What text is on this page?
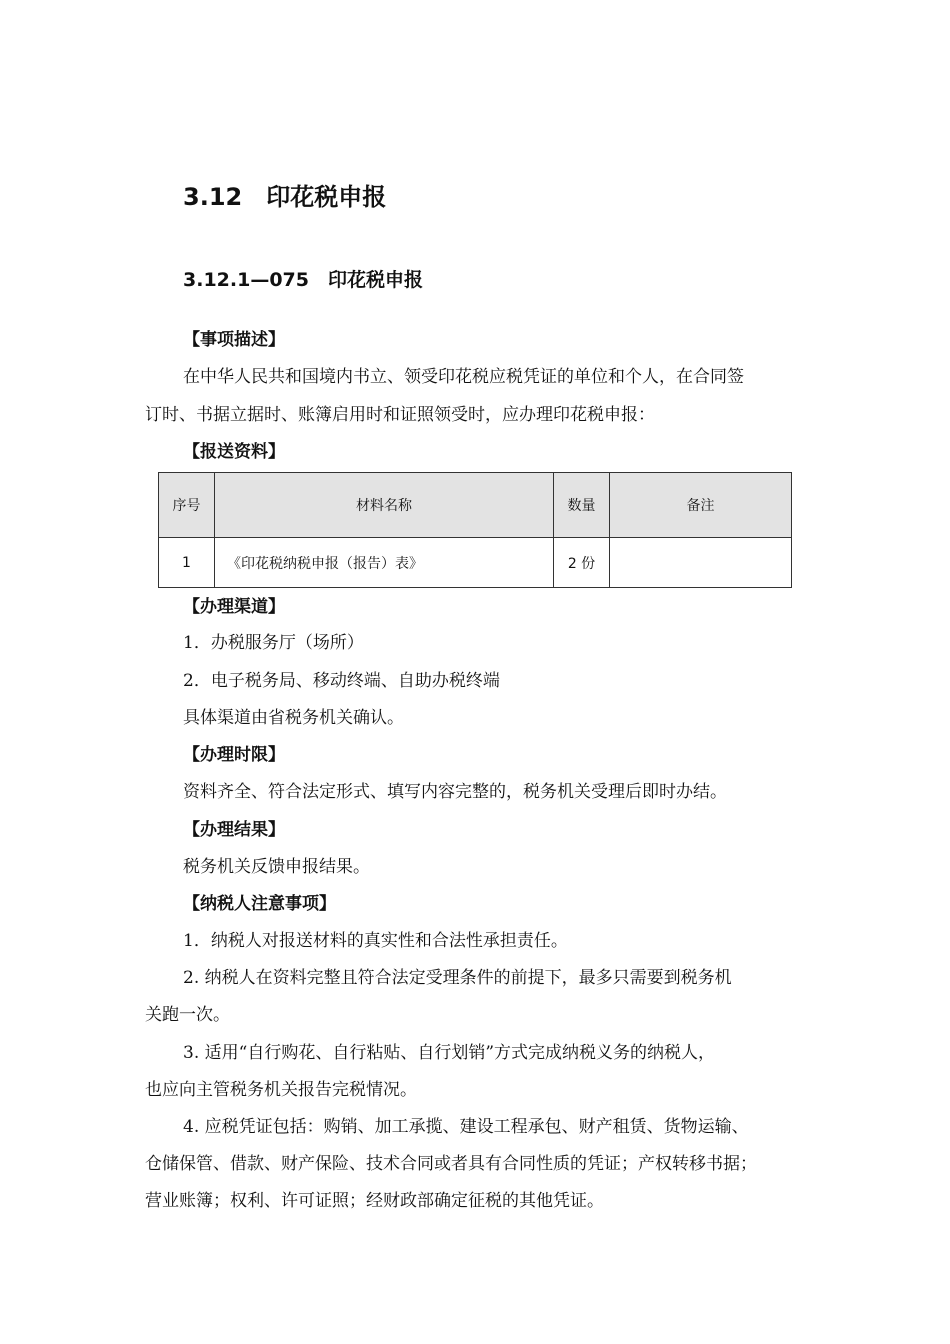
3.12　印花税申报
3.12.1—075　印花税申报
【事项描述】
在中华人民共和国境内书立、领受印花税应税凭证的单位和个人，在合同签
订时、书据立据时、账簿启用时和证照领受时，应办理印花税申报：
【报送资料】
序号	材料名称	数量	备注
1	《印花税纳税申报（报告）表》	2 份	
【办理渠道】
1．办税服务厅（场所）
2．电子税务局、移动终端、自助办税终端
具体渠道由省税务机关确认。
【办理时限】
资料齐全、符合法定形式、填写内容完整的，税务机关受理后即时办结。
【办理结果】
税务机关反馈申报结果。
【纳税人注意事项】
1．纳税人对报送材料的真实性和合法性承担责任。
2. 纳税人在资料完整且符合法定受理条件的前提下，最多只需要到税务机
关跑一次。
3. 适用“自行购花、自行粘贴、自行划销”方式完成纳税义务的纳税人，
也应向主管税务机关报告完税情况。
4. 应税凭证包括：购销、加工承揽、建设工程承包、财产租赁、货物运输、
仓储保管、借款、财产保险、技术合同或者具有合同性质的凭证；产权转移书据；
营业账簿；权利、许可证照；经财政部确定征税的其他凭证。
